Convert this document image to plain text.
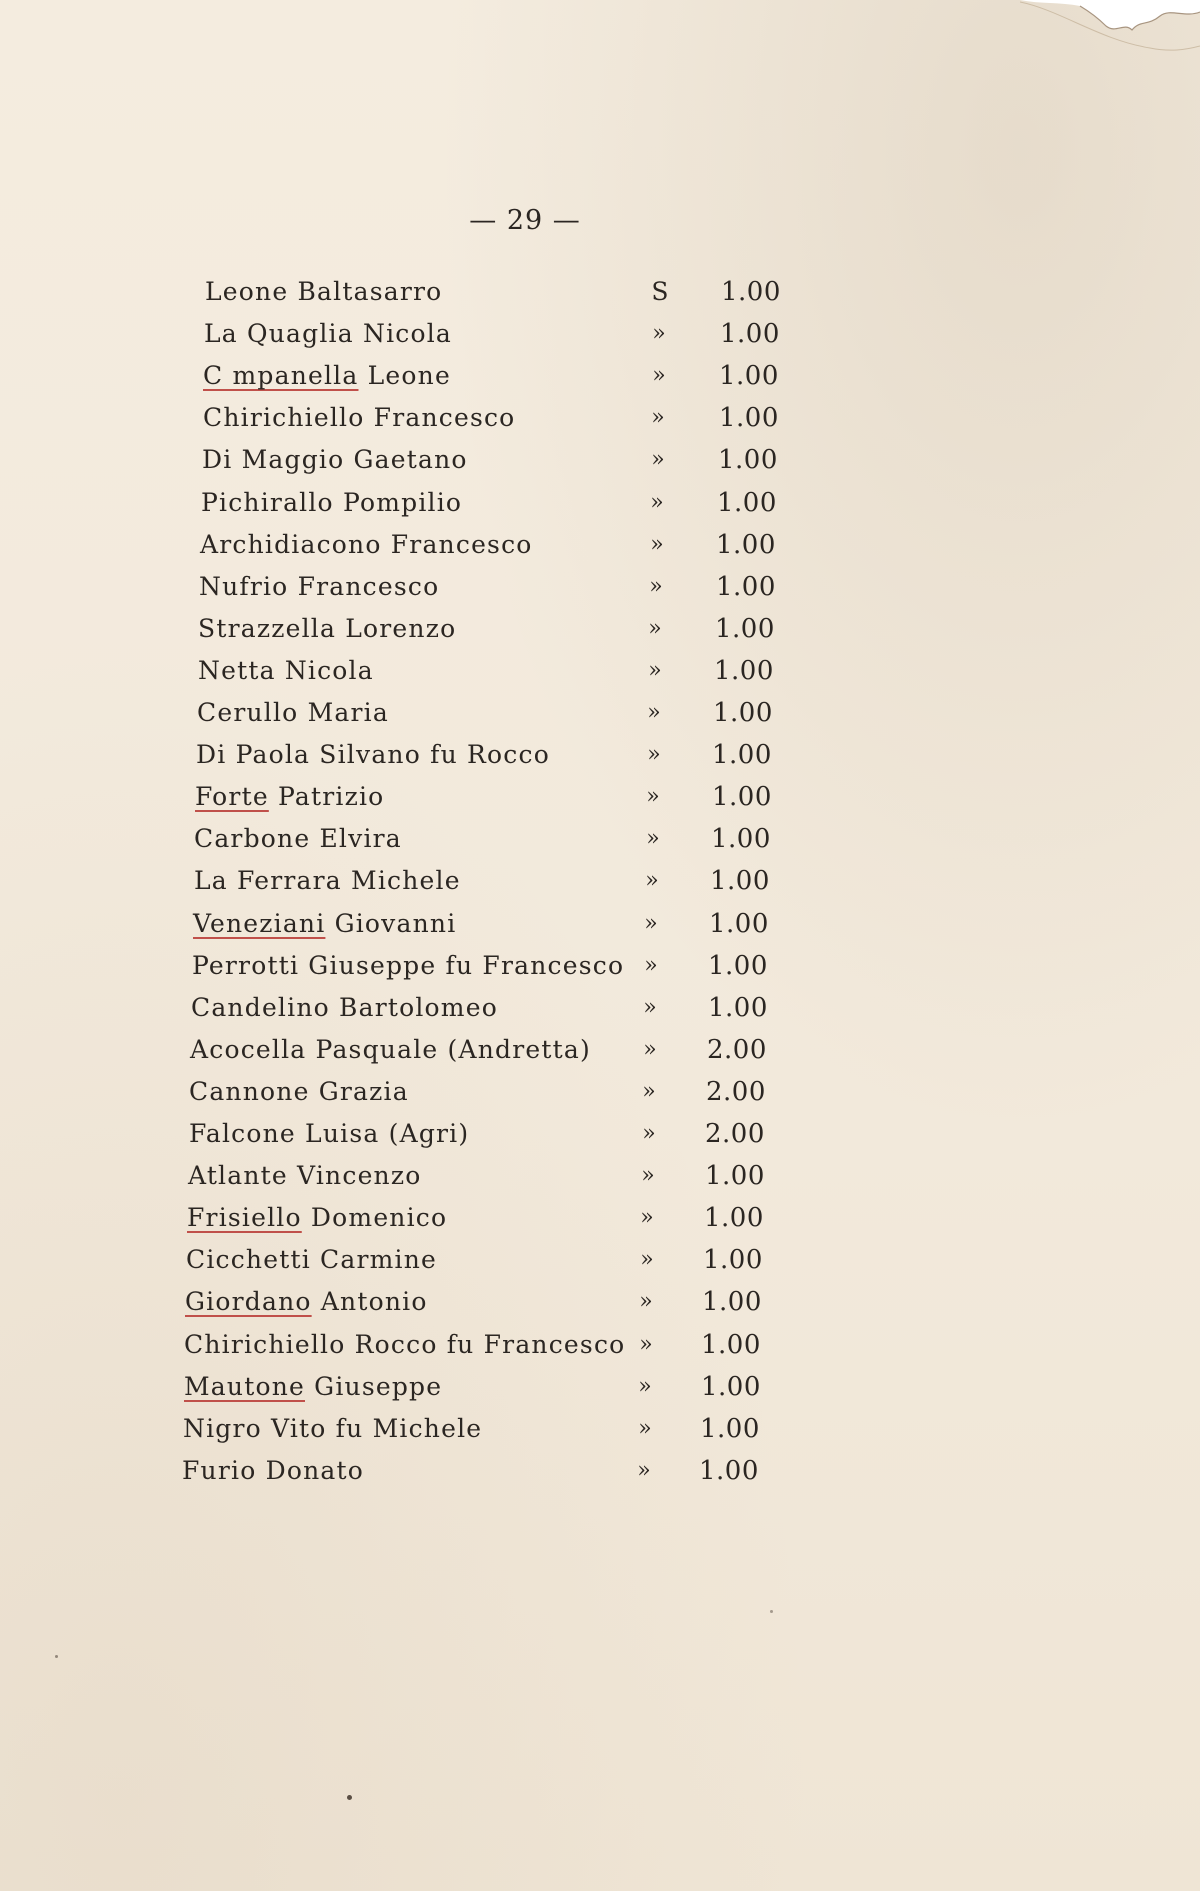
— 29 —
Leone Baltasarro	S 1.00
La Quaglia Nicola	»	1.00
C mpanella Leone	»	1.00
Chirichiello Francesco	»	1.00
Di Maggio Gaetano	»	1.00
Pichirallo Pompilio	»	1.00
Archidiacono Francesco	»	1.00
Nufrio Francesco	»	1.00
Strazzella Lorenzo	»	1.00
Netta Nicola	»	1.00
Cerullo Maria	»	1.00
Di Paola Silvano fu Rocco	»	1.00
Forte Patrizio	»	1.00
Carbone Elvira	»	1.00
La Ferrara Michele	»	1.00
Veneziani Giovanni	»	1.00
Perrotti Giuseppe fu Francesco »	1.00
Candelino Bartolomeo	»	1.00
Acocella Pasquale (Andretta)	»	2.00
Cannone Grazia	»	2.00
Falcone Luisa (Agri)	»	2.00
Atlante Vincenzo	»	1.00
Frisiello Domenico	»	1.00
Cicchetti Carmine	»	1.00
Giordano Antonio	»	1.00
Chirichiello Rocco fu Francesco »	1.00
Mautone Giuseppe	»	1.00
Nigro Vito fu Michele	»	1.00
Furio Donato	»	1.00
